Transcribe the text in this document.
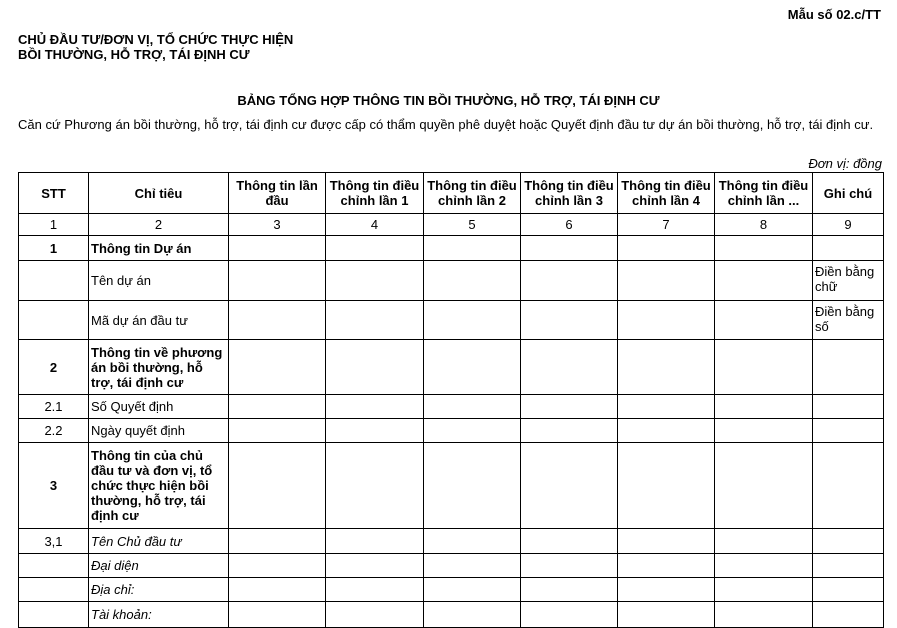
Mẫu số 02.c/TT
CHỦ ĐẦU TƯ/ĐƠN VỊ, TỔ CHỨC THỰC HIỆN
BỒI THƯỜNG, HỖ TRỢ, TÁI ĐỊNH CƯ
BẢNG TỔNG HỢP THÔNG TIN BỒI THƯỜNG, HỖ TRỢ, TÁI ĐỊNH CƯ
Căn cứ Phương án bồi thường, hỗ trợ, tái định cư được cấp có thẩm quyền phê duyệt hoặc Quyết định đầu tư dự án bồi thường, hỗ trợ, tái định cư.
Đơn vị: đồng
STT	Chỉ tiêu	Thông tin lần đầu	Thông tin điều chỉnh lần 1	Thông tin điều chỉnh lần 2	Thông tin điều chỉnh lần 3	Thông tin điều chỉnh lần 4	Thông tin điều chỉnh lần ...	Ghi chú
1	2	3	4	5	6	7	8	9
1	Thông tin Dự án							
	Tên dự án							Điền bằng chữ
	Mã dự án đầu tư							Điền bằng số
2	Thông tin về phương án bồi thường, hỗ trợ, tái định cư							
2.1	Số Quyết định							
2.2	Ngày quyết định							
3	Thông tin của chủ đầu tư và đơn vị, tổ chức thực hiện bồi thường, hỗ trợ, tái định cư							
3,1	Tên Chủ đầu tư							
	Đại diện							
	Địa chỉ:							
	Tài khoản:							
